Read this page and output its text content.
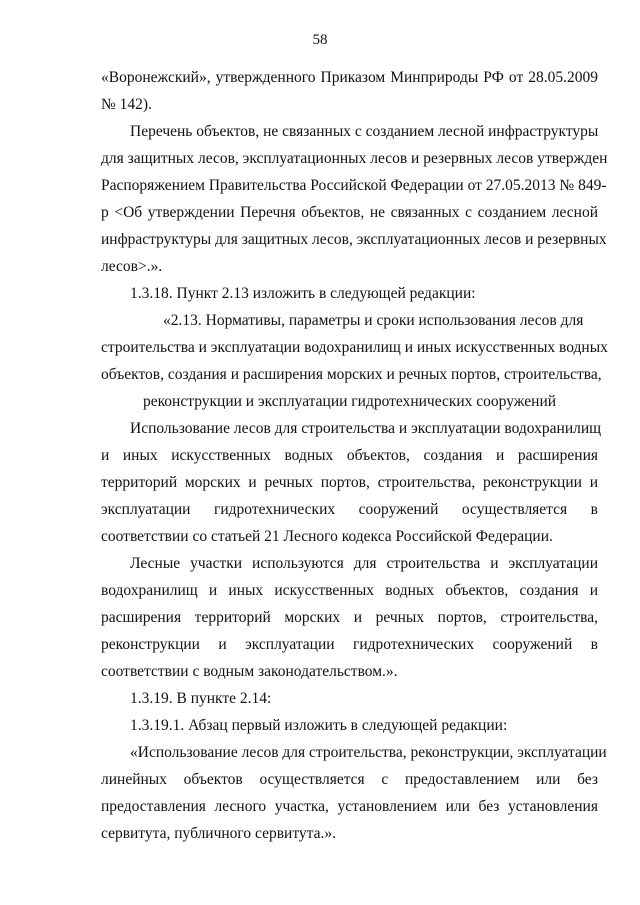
58
«Воронежский», утвержденного Приказом Минприроды РФ от 28.05.2009
№ 142).
Перечень объектов, не связанных с созданием лесной инфраструктуры
для защитных лесов, эксплуатационных лесов и резервных лесов утвержден
Распоряжением Правительства Российской Федерации от 27.05.2013 № 849-
р <Об утверждении Перечня объектов, не связанных с созданием лесной
инфраструктуры для защитных лесов, эксплуатационных лесов и резервных
лесов>.».
1.3.18. Пункт 2.13 изложить в следующей редакции:
«2.13. Нормативы, параметры и сроки использования лесов для
строительства и эксплуатации водохранилищ и иных искусственных водных
объектов, создания и расширения морских и речных портов, строительства,
реконструкции и эксплуатации гидротехнических сооружений
Использование лесов для строительства и эксплуатации водохранилищ
и иных искусственных водных объектов, создания и расширения
территорий морских и речных портов, строительства, реконструкции и
эксплуатации гидротехнических сооружений осуществляется в
соответствии со статьей 21 Лесного кодекса Российской Федерации.
Лесные участки используются для строительства и эксплуатации
водохранилищ и иных искусственных водных объектов, создания и
расширения территорий морских и речных портов, строительства,
реконструкции и эксплуатации гидротехнических сооружений в
соответствии с водным законодательством.».
1.3.19. В пункте 2.14:
1.3.19.1. Абзац первый изложить в следующей редакции:
«Использование лесов для строительства, реконструкции, эксплуатации
линейных объектов осуществляется с предоставлением или без
предоставления лесного участка, установлением или без установления
сервитута, публичного сервитута.».
